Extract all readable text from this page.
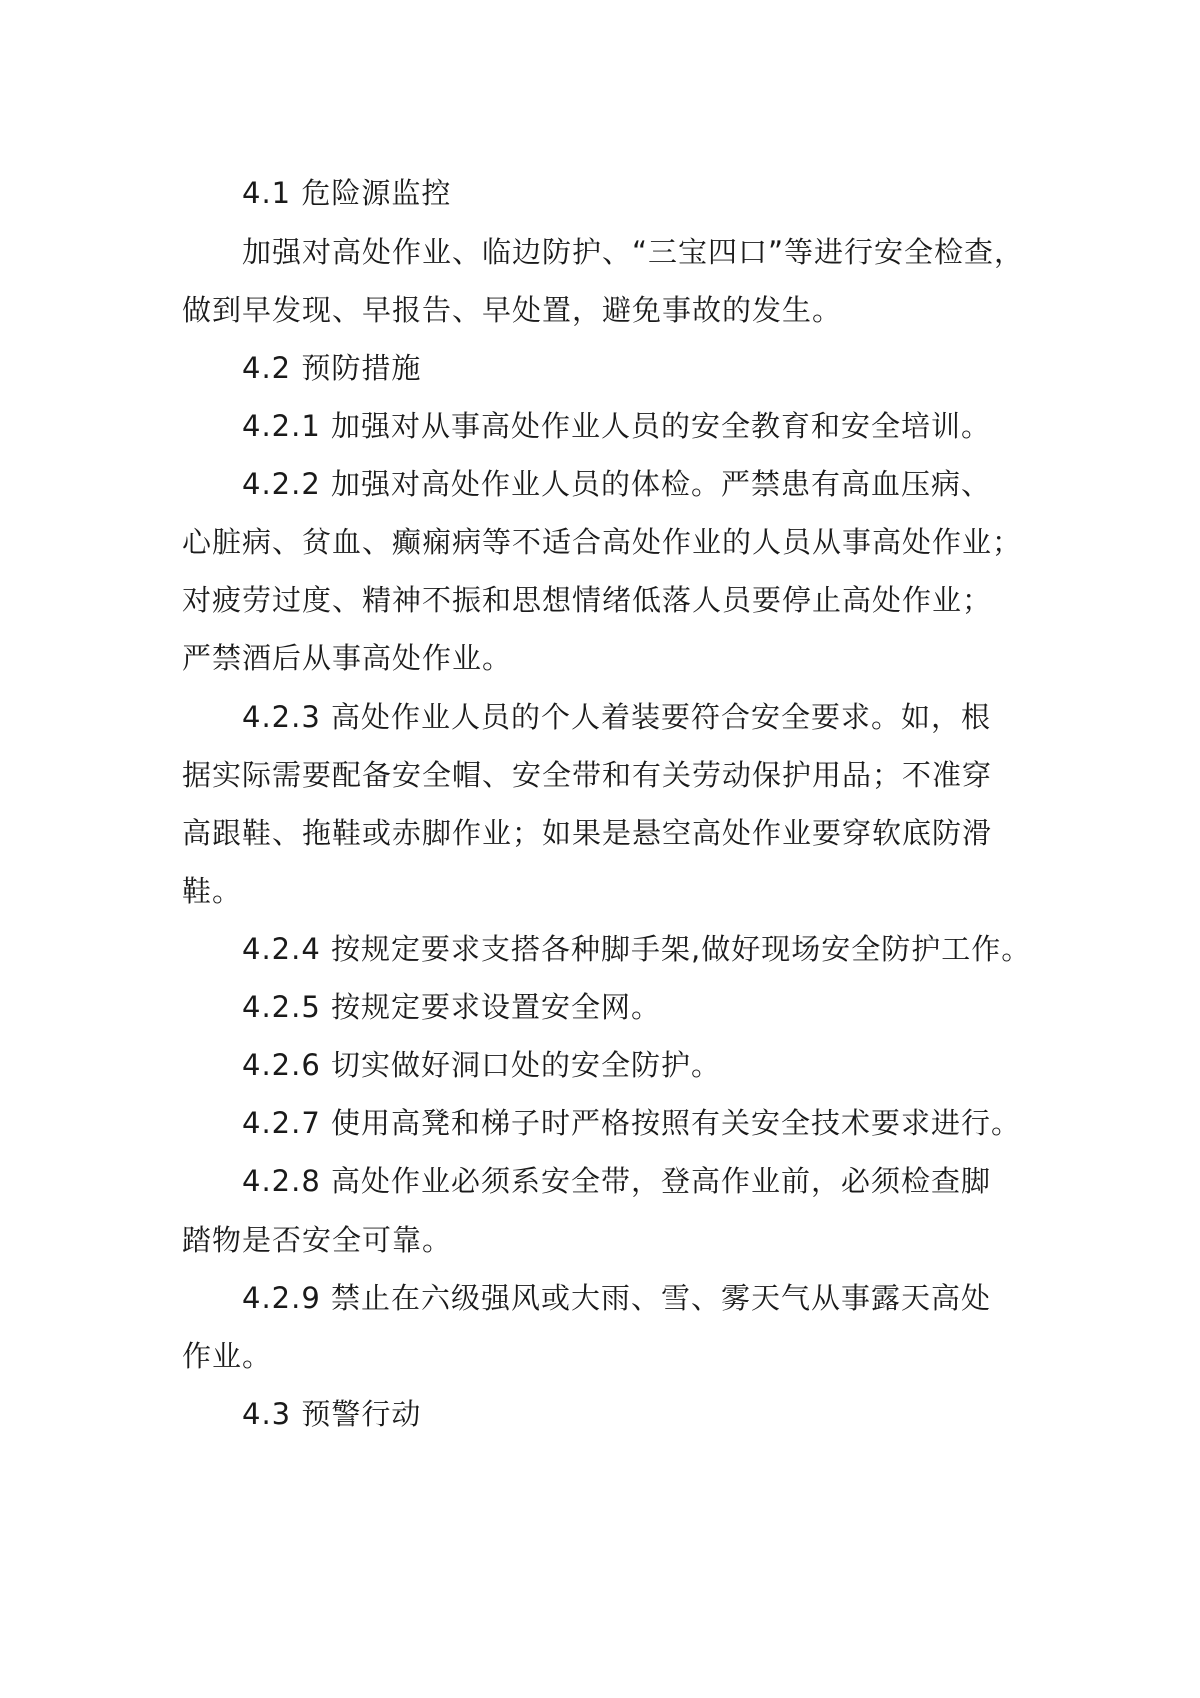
4.1 危险源监控
加强对高处作业、临边防护、“三宝四口”等进行安全检查，
做到早发现、早报告、早处置，避免事故的发生。
4.2 预防措施
4.2.1 加强对从事高处作业人员的安全教育和安全培训。
4.2.2 加强对高处作业人员的体检。严禁患有高血压病、
心脏病、贫血、癫痫病等不适合高处作业的人员从事高处作业；
对疲劳过度、精神不振和思想情绪低落人员要停止高处作业；
严禁酒后从事高处作业。
4.2.3 高处作业人员的个人着装要符合安全要求。如，根
据实际需要配备安全帽、安全带和有关劳动保护用品；不准穿
高跟鞋、拖鞋或赤脚作业；如果是悬空高处作业要穿软底防滑
鞋。
4.2.4 按规定要求支搭各种脚手架,做好现场安全防护工作。
4.2.5 按规定要求设置安全网。
4.2.6 切实做好洞口处的安全防护。
4.2.7 使用高凳和梯子时严格按照有关安全技术要求进行。
4.2.8 高处作业必须系安全带，登高作业前，必须检查脚
踏物是否安全可靠。
4.2.9 禁止在六级强风或大雨、雪、雾天气从事露天高处
作业。
4.3 预警行动
